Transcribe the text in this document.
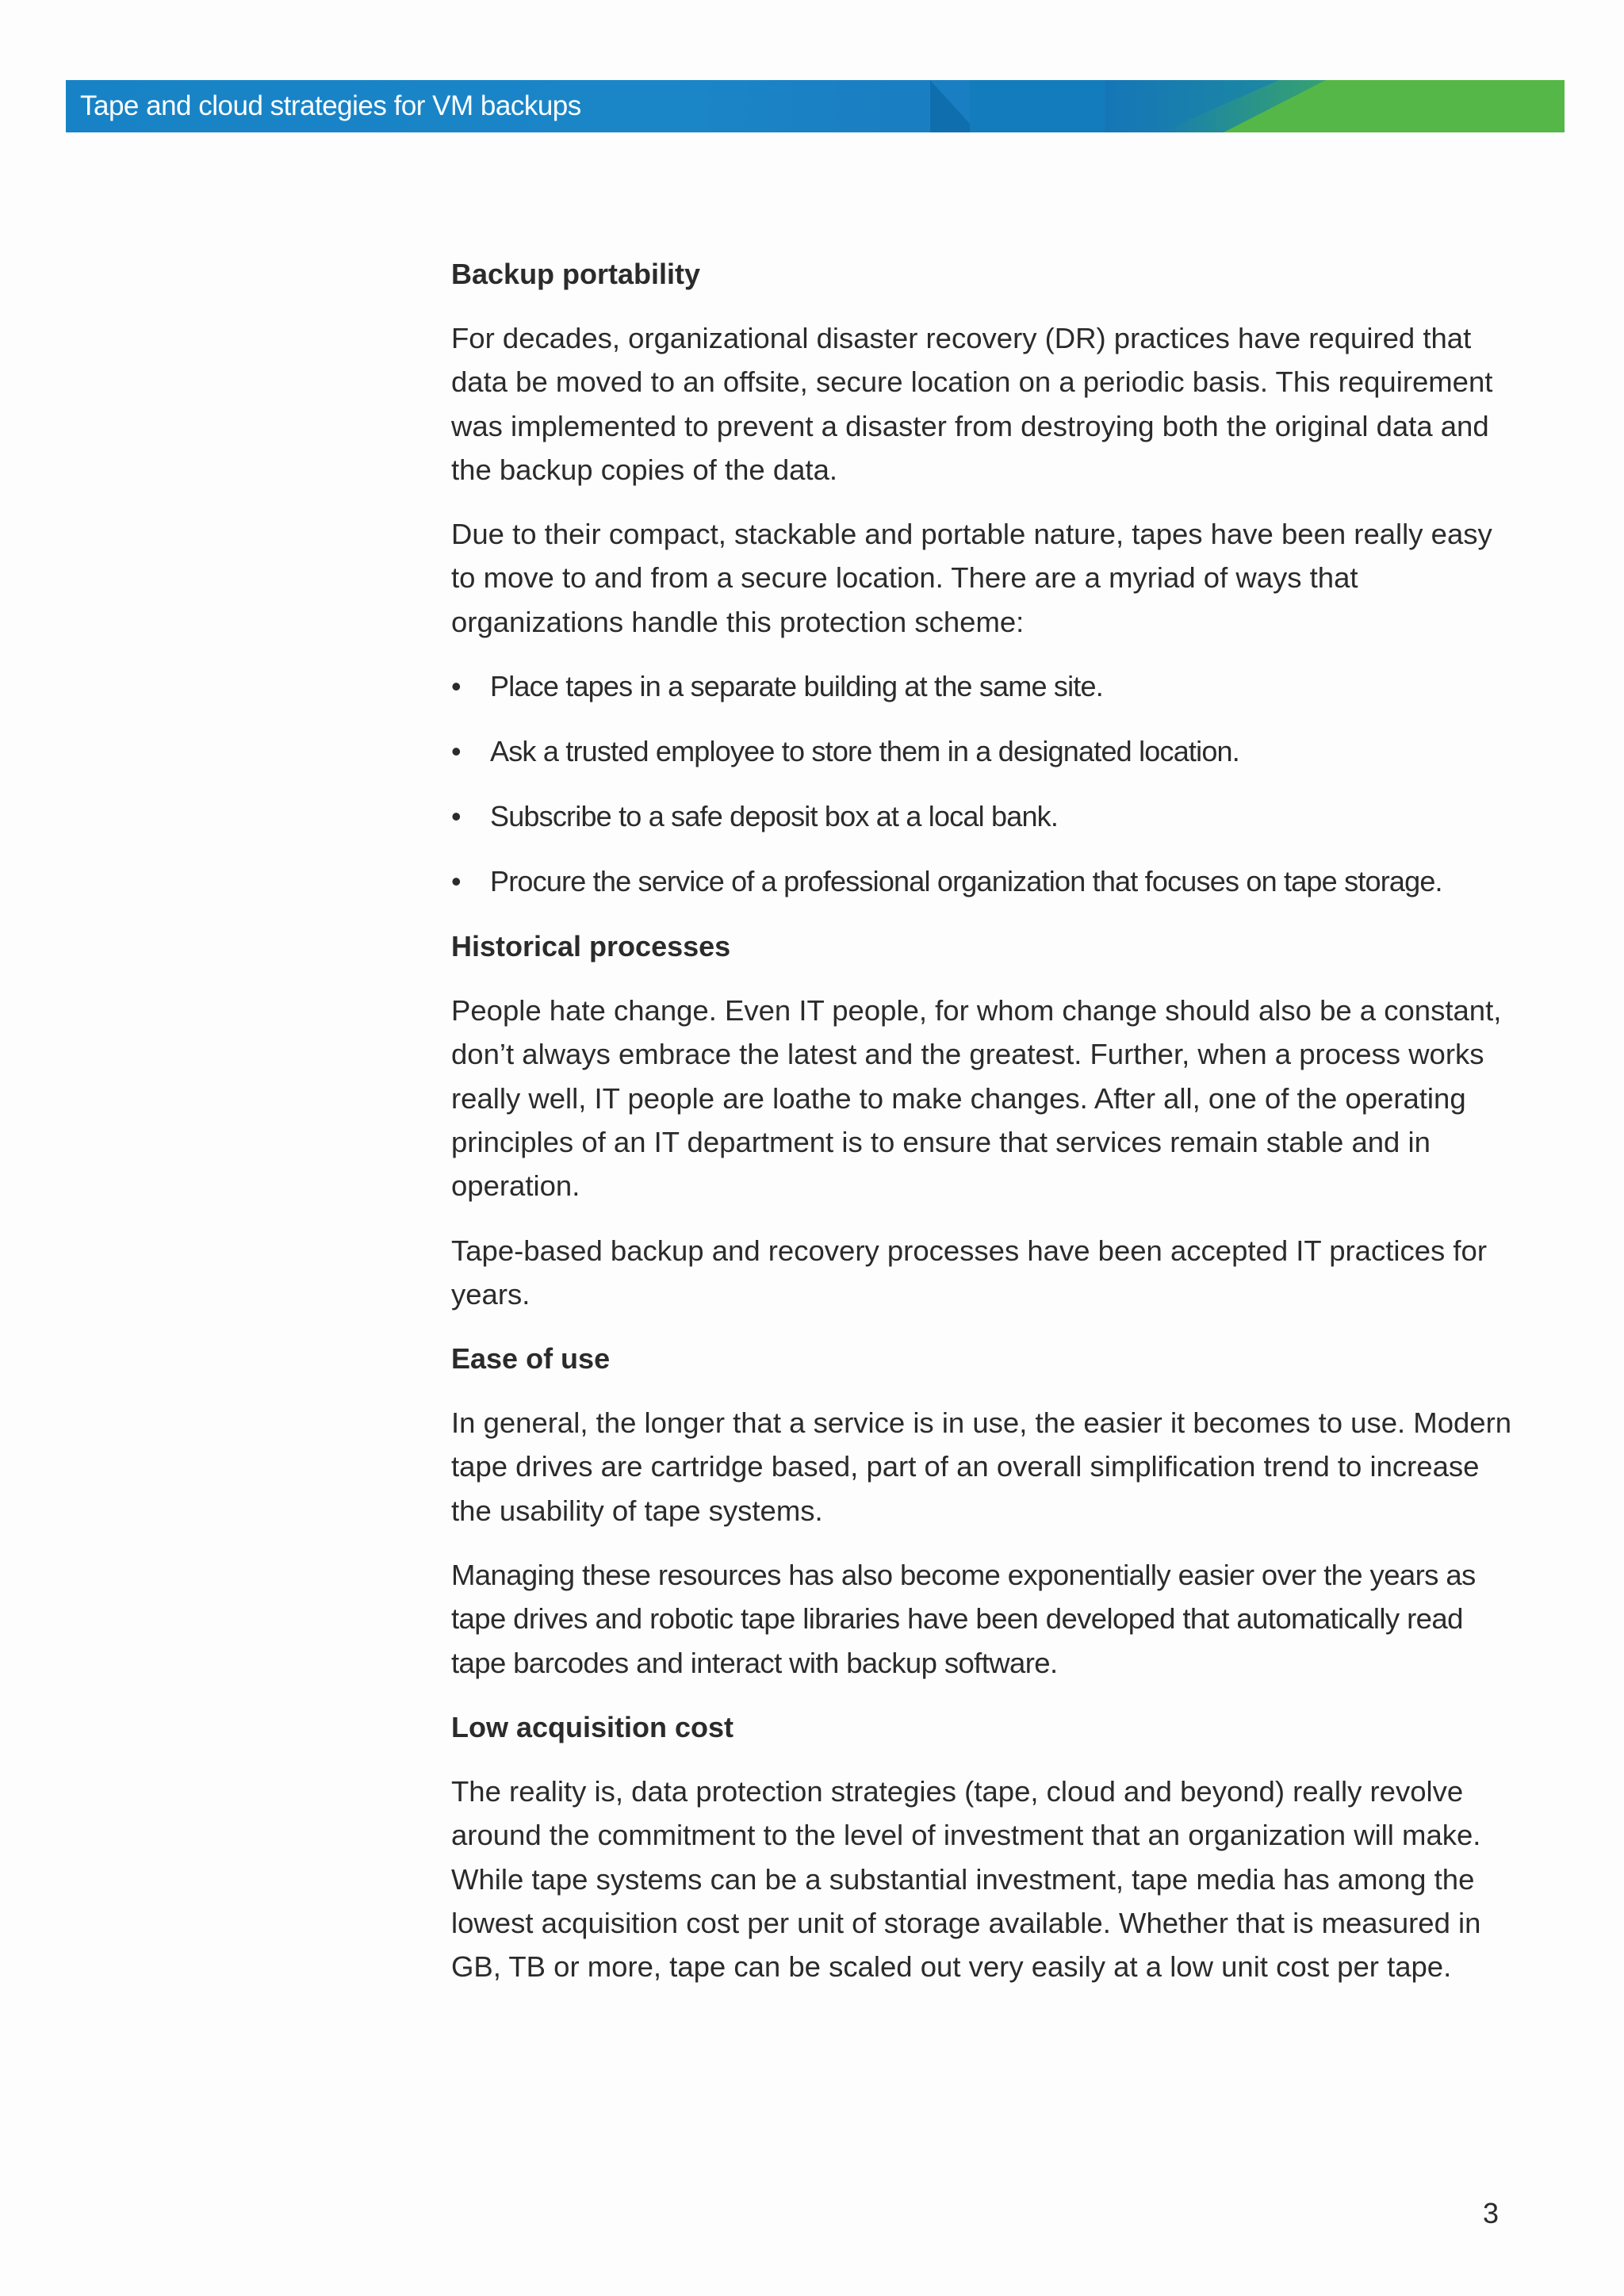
Tape and cloud strategies for VM backups
Backup portability

For decades, organizational disaster recovery (DR) practices have required that data be moved to an offsite, secure location on a periodic basis. This requirement was implemented to prevent a disaster from destroying both the original data and the backup copies of the data.

Due to their compact, stackable and portable nature, tapes have been really easy to move to and from a secure location. There are a myriad of ways that organizations handle this protection scheme:

• Place tapes in a separate building at the same site.
• Ask a trusted employee to store them in a designated location.
• Subscribe to a safe deposit box at a local bank.
• Procure the service of a professional organization that focuses on tape storage.
Historical processes

People hate change. Even IT people, for whom change should also be a constant, don’t always embrace the latest and the greatest. Further, when a process works really well, IT people are loathe to make changes. After all, one of the operating principles of an IT department is to ensure that services remain stable and in operation.

Tape-based backup and recovery processes have been accepted IT practices for years.

Ease of use

In general, the longer that a service is in use, the easier it becomes to use. Modern tape drives are cartridge based, part of an overall simplification trend to increase the usability of tape systems.

Managing these resources has also become exponentially easier over the years as tape drives and robotic tape libraries have been developed that automatically read tape barcodes and interact with backup software.

Low acquisition cost

The reality is, data protection strategies (tape, cloud and beyond) really revolve around the commitment to the level of investment that an organization will make. While tape systems can be a substantial investment, tape media has among the lowest acquisition cost per unit of storage available. Whether that is measured in GB, TB or more, tape can be scaled out very easily at a low unit cost per tape.

3
